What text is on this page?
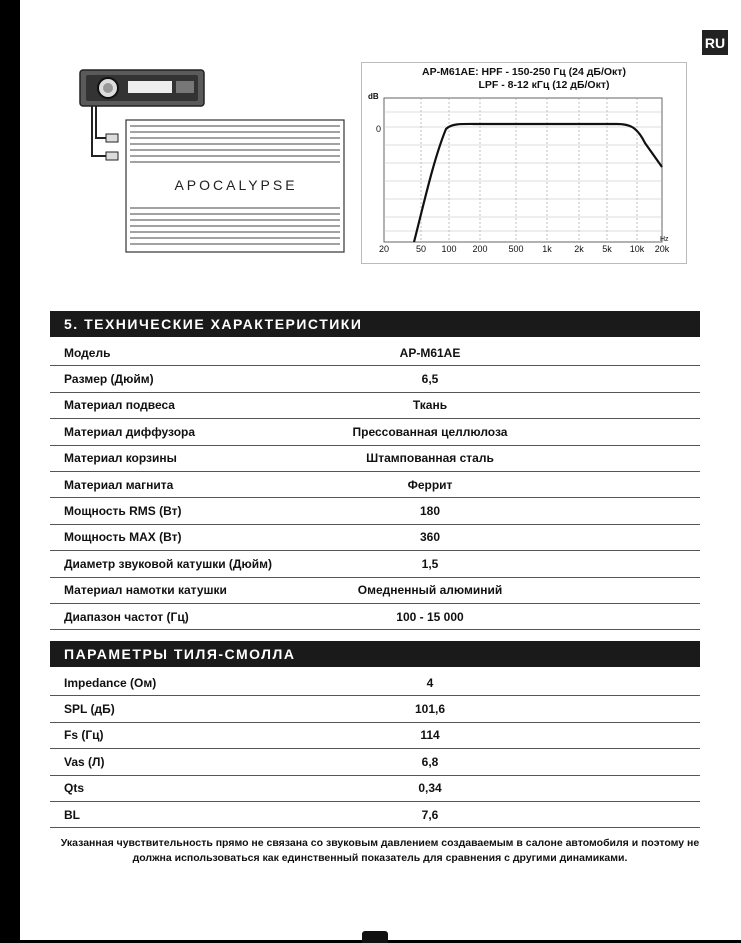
RU
APOCALYPSE
AP-M61AE: HPF - 150-250 Гц (24 дБ/Окт)
LPF - 8-12 кГц (12 дБ/Окт)
dB
0
Hz
20	50 100 200 500 1k 2k 5k 10k 20k
5. ТЕХНИЧЕСКИЕ ХАРАКТЕРИСТИКИ
Модель	AP-M61AE
Размер (Дюйм)	6,5
Материал подвеса	Ткань
Материал диффузора	Прессованная целлюлоза
Материал корзины	Штампованная сталь
Материал магнита	Феррит
Мощность RMS (Вт)	180
Мощность MAX (Вт)	360
Диаметр звуковой катушки (Дюйм)	1,5
Материал намотки катушки	Омедненный алюминий
Диапазон частот (Гц)	100 - 15 000
ПАРАМЕТРЫ ТИЛЯ-СМОЛЛА
Impedance (Ом)	4
SPL (дБ)	101,6
Fs (Гц)	114
Vas (Л)	6,8
Qts	0,34
BL	7,6
Указанная чувствительность прямо не связана со звуковым давлением создаваемым в салоне автомобиля и поэтому не должна использоваться как единственный показатель для сравнения с другими динамиками.
